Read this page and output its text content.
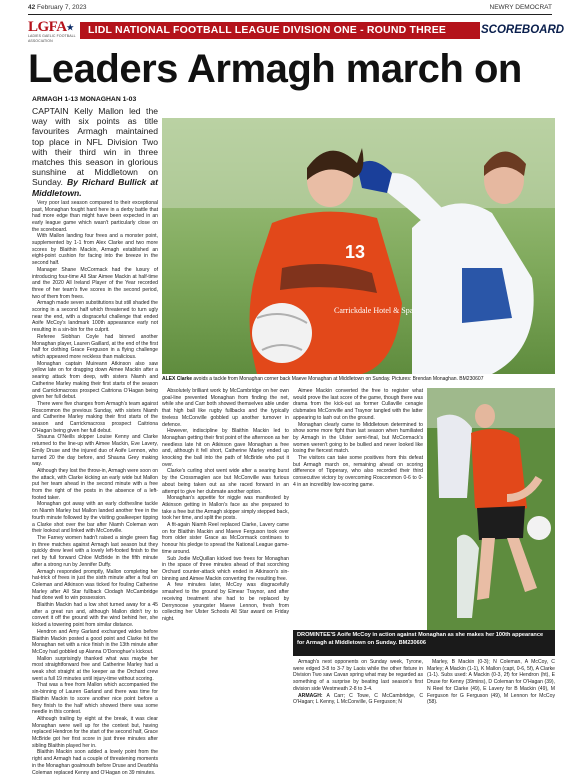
42 February 7, 2023	NEWRY DEMOCRAT
LGFA★
LADIES GAELIC FOOTBALL ASSOCIATION
LIDL NATIONAL FOOTBALL LEAGUE DIVISION ONE - ROUND THREE	SCOREBOARD
Leaders Armagh march on
ARMAGH 1-13 MONAGHAN 1-03

CAPTAIN Kelly Mallon led the way with six points as title favourites Armagh maintained top place in NFL Division Two with their third win in three matches this season in glorious sunshine at Middletown on Sunday. By Richard Bullick at Middletown.

Very poor last season compared to their exceptional past, Monaghan fought hard here in a derby battle that had more edge than might have been expected in an early league game which wasn't particularly close on the scoreboard.

With Mallon landing four frees and a monster point, supplemented by 1-1 from Alex Clarke and two more scores by Blaithin Mackin, Armagh established an eight-point cushion for facing into the breeze in the second half.

Manager Shane McCormack had the luxury of introducing four-time All Star Aimee Mackin at half-time and the 2020 All Ireland Player of the Year recorded three of her team's five scores in the second period, two of them from frees.

Armagh made seven substitutions but still shaded the scoring in a second half which threatened to turn ugly near the end, with a disgraceful challenge that ended Aoife McCoy's landmark 100th appearance early not resulting in a sin-bin for the culprit.

Referee Siobhan Coyle had binned another Monaghan player, Lauren Gaillard, at the end of the first half for clothing Grace Ferguson in a flying challenge which appeared more reckless than malicious.

Monaghan captain Muireann Atkinson also saw yellow late on for dragging down Aimee Mackin after a searing attack from deep, with sisters Niamh and Catherine Marley making their first starts of the season and Carrickmacross prospect Caitriona O'Hagan being given her full debut.

There were five changes from Armagh's team against Roscommon the previous Sunday, with sisters Niamh and Catherine Marley making their first starts of the season and Carrickmacross prospect Caitriona O'Hagan being given her full debut.

Shauna O'Neills skipper Louise Kenny and Clarke returned to the line-up with Aimee Mackin, Eve Lavery, Emily Druse and the injured duo of Aoife Lennon, who turned 20 the day before, and Shauna Grey making way.

Although they lost the throw-in, Armagh were soon on the attack, with Clarke kicking an early wide but Mallon put her team ahead in the second minute with a free from the right of the posts in the absence of a left-footed taker.

Monaghan got away with an early clothesline tackle on Niamh Marley but Mallon landed another free in the fourth minute followed by the visiting goalkeeper tipping a Clarke shot over the bar after Niamh Coleman won their lookout and linked with McConville.

The Farney women hadn't raised a single green flag in three matches against Armagh last season but they quickly drew level with a lovely left-footed finish to the net by full forward Chloe McBride in the fifth minute after a strong run by Jennifer Duffy.

Armagh responded promptly, Mallon completing her hat-trick of frees in just the sixth minute after a foul on Coleman and Atkinson was ticked for fouling Catherine Marley after All Star fullback Clodagh McCambridge had done well to win possession.

Blaithin Mackin had a low shot turned away for a 45 after a great run and, although Mallon didn't try to convert it off the ground with the wind behind her, she kicked a towering point from similar distance.

Hendron and Amy Garland exchanged wides before Blaithin Mackin posted a good point and Clarke hit the Monaghan net with a nice finish in the 13th minute after McCoy had gobbled up Alanna O'Donoghue's kickout.

Mallon surprisingly thanked what was maybe her most straightforward free and Catherine Marley had a weak shot straight at the keeper as the Orchard crew went a full 19 minutes until injury-time without scoring.

That was a free from Mallon which accompanied the sin-binning of Lauren Garland and there was time for Blaithin Mackin to score another nice point before a fiery finish to the half which showed there was some needle in this contest.

Although trailing by eight at the break, it was clear Monaghan were well up for the contest but, having replaced Hendron for the start of the second half, Grace McBride got her first score in just three minutes after sibling Blaithin played her in.

Blaithin Mackin soon added a lovely point from the right and Armagh had a couple of threatening moments in the Monaghan goalmouth before Druse and Dearbhla Coleman replaced Kenny and O'Hagan on 39 minutes.

13
Carrickdale Hotel & Spa
ALEX Clarke avoids a tackle from Monaghan corner back Maeve Monaghan at Middletown on Sunday. Pictures: Brendan Monaghan. BM230607

Absolutely brilliant work by McCambridge on her own goal-line prevented Monaghan from finding the net, while she and Carr both showed themselves able under that high ball like rugby fullbacks and the typically tireless McConville gobbled up another turnover in defence.

However, indiscipline by Blaithin Mackin led to Monaghan getting their first point of the afternoon as her needless late hit on Atkinson gave Monaghan a free and, although it fell short, Catherine Marley ended up knocking the ball into the path of McBride who put it over.

Clarke's curling shot went wide after a searing burst by the Crossmaglen ace but McConville was furious about being taken out as she raced forward in an attempt to give her clubmate another option.

Monaghan's appetite for niggle was manifested by Atkinson getting in Mallon's face as she prepared to take a free but the Armagh skipper simply stepped back, took her time, and split the posts.

A fit-again Niamh Reel replaced Clarke, Lavery came on for Blaithin Mackin and Maeve Ferguson took over from older sister Grace as McCormack continues to honour his pledge to spread the National League game-time around.

Sub Jodie McQuillan kicked two frees for Monaghan in the space of three minutes ahead of that scorching Orchard counter-attack which ended in Atkinson's sin-binning and Aimee Mackin converting the resulting free.

A few minutes later, McCoy was disgracefully smashed to the ground by Eimear Traynor, and after receiving treatment she had to be replaced by Derrynoose youngster Maeve Lennon, fresh from collecting her Ulster Schools All Star award on Friday night.

Aimee Mackin converted the free to register what would prove the last score of the game, though there was drama from the kick-out as former Cullaville cenagie clubmates McConville and Traynor tangled with the latter appearing to lash out on the ground.

Monaghan clearly came to Middletown determined to show some more fight than last season when humiliated by Armagh in the Ulster semi-final, but McCormack's women weren't going to be bullied and never looked like losing the fiercest match.

The visitors can take some positives from this defeat but Armagh march on, remaining ahead on scoring difference of Tipperary, who also recorded their third consecutive victory by overcoming Roscommon 0-6 to 0-4 in an incredibly low-scoring game.

DROMINTEE'S Aoife McCoy in action against Monaghan as she makes her 100th appearance for Armagh at Middletown on Sunday. BM230606

Armagh's next opponents on Sunday week, Tyrone, were edged 3-8 to 3-7 by Laois while the other fixture in Division Two saw Cavan spring what may be regarded as something of a surprise by beating last season's first division side Westmeath 2-8 to 3-4.

ARMAGH: A Carr; C Towe, C McCambridge, C O'Hagan; L Kenny, L McConville, G Ferguson; N

Marley, B Mackin (0-3); N Coleman, A McCoy, C Marley; A Mackin (1-1), K Mallon (capt, 0-6, 5f), A Clarke (1-1). Subs used: A Mackin (0-3, 2f) for Hendron (ht), E Druse for Kenny (39mins), D Coleman for O'Hagan (39), N Reel for Clarke (49), E Lavery for B Mackin (49), M Ferguson for G Ferguson (49), M Lennon for McCoy (58).
